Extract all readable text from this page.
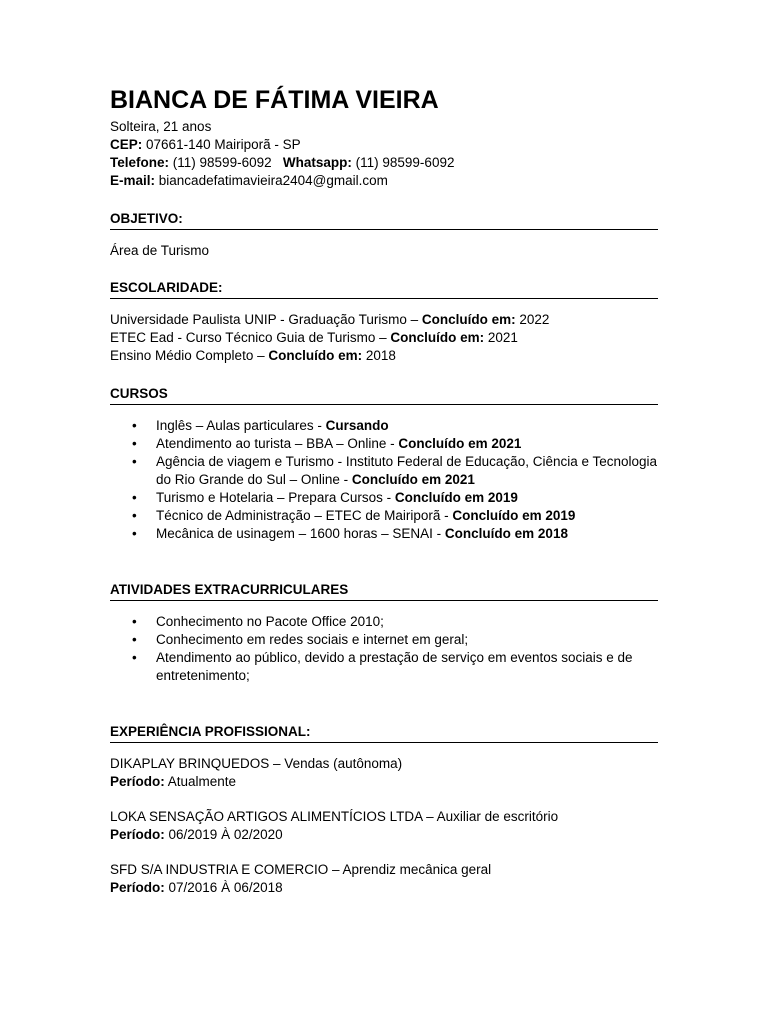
BIANCA DE FÁTIMA VIEIRA

Solteira, 21 anos

CEP: 07661-140 Mairiporã - SP

Telefone: (11) 98599-6092 Whatsapp: (11) 98599-6092

E-mail: biancadefatimavieira2404@gmail.com

OBJETIVO:

Área de Turismo

ESCOLARIDADE:

Universidade Paulista UNIP - Graduação Turismo – Concluído em: 2022

ETEC Ead - Curso Técnico Guia de Turismo – Concluído em: 2021

Ensino Médio Completo – Concluído em: 2018

CURSOS

• Inglês – Aulas particulares - Cursando
• Atendimento ao turista – BBA – Online - Concluído em 2021
• Agência de viagem e Turismo - Instituto Federal de Educação, Ciência e Tecnologia do Rio Grande do Sul – Online - Concluído em 2021
• Turismo e Hotelaria – Prepara Cursos - Concluído em 2019
• Técnico de Administração – ETEC de Mairiporã - Concluído em 2019
• Mecânica de usinagem – 1600 horas – SENAI - Concluído em 2018

ATIVIDADES EXTRACURRICULARES

• Conhecimento no Pacote Office 2010;
• Conhecimento em redes sociais e internet em geral;
• Atendimento ao público, devido a prestação de serviço em eventos sociais e de entretenimento;

EXPERIÊNCIA PROFISSIONAL:

DIKAPLAY BRINQUEDOS – Vendas (autônoma)

Período: Atualmente

LOKA SENSAÇÃO ARTIGOS ALIMENTÍCIOS LTDA – Auxiliar de escritório

Período: 06/2019 À 02/2020

SFD S/A INDUSTRIA E COMERCIO – Aprendiz mecânica geral

Período: 07/2016 À 06/2018
